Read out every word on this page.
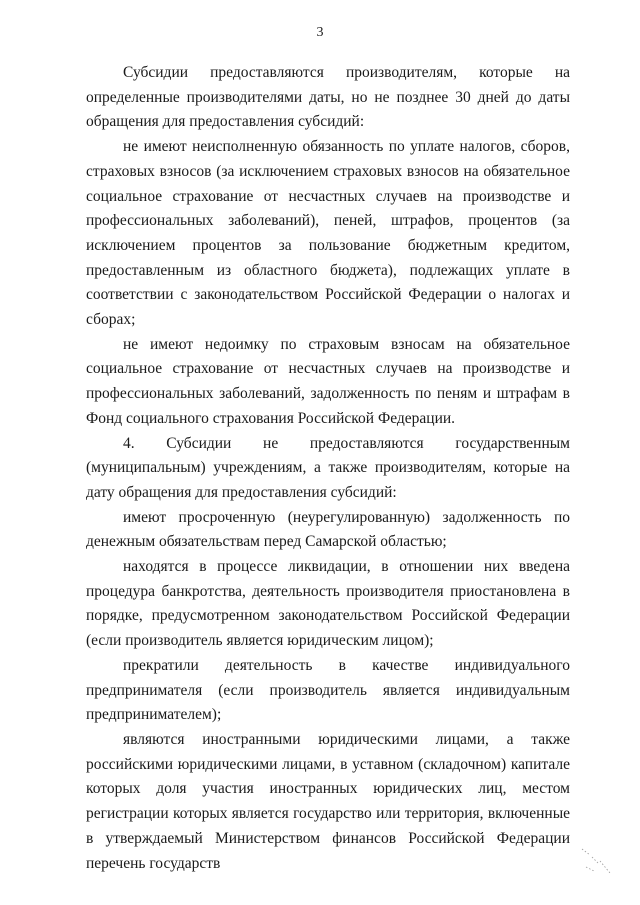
3

Субсидии предоставляются производителям, которые на определенные производителями даты, но не позднее 30 дней до даты обращения для предоставления субсидий:

не имеют неисполненную обязанность по уплате налогов, сборов, страховых взносов (за исключением страховых взносов на обязательное социальное страхование от несчастных случаев на производстве и профессиональных заболеваний), пеней, штрафов, процентов (за исключением процентов за пользование бюджетным кредитом, предоставленным из областного бюджета), подлежащих уплате в соответствии с законодательством Российской Федерации о налогах и сборах;

не имеют недоимку по страховым взносам на обязательное социальное страхование от несчастных случаев на производстве и профессиональных заболеваний, задолженность по пеням и штрафам в Фонд социального страхования Российской Федерации.

4. Субсидии не предоставляются государственным (муниципальным) учреждениям, а также производителям, которые на дату обращения для предоставления субсидий:

имеют просроченную (неурегулированную) задолженность по денежным обязательствам перед Самарской областью;

находятся в процессе ликвидации, в отношении них введена процедура банкротства, деятельность производителя приостановлена в порядке, предусмотренном законодательством Российской Федерации (если производитель является юридическим лицом);

прекратили деятельность в качестве индивидуального предпринимателя (если производитель является индивидуальным предпринимателем);

являются иностранными юридическими лицами, а также российскими юридическими лицами, в уставном (складочном) капитале которых доля участия иностранных юридических лиц, местом регистрации которых является государство или территория, включенные в утверждаемый Министерством финансов Российской Федерации перечень государств
